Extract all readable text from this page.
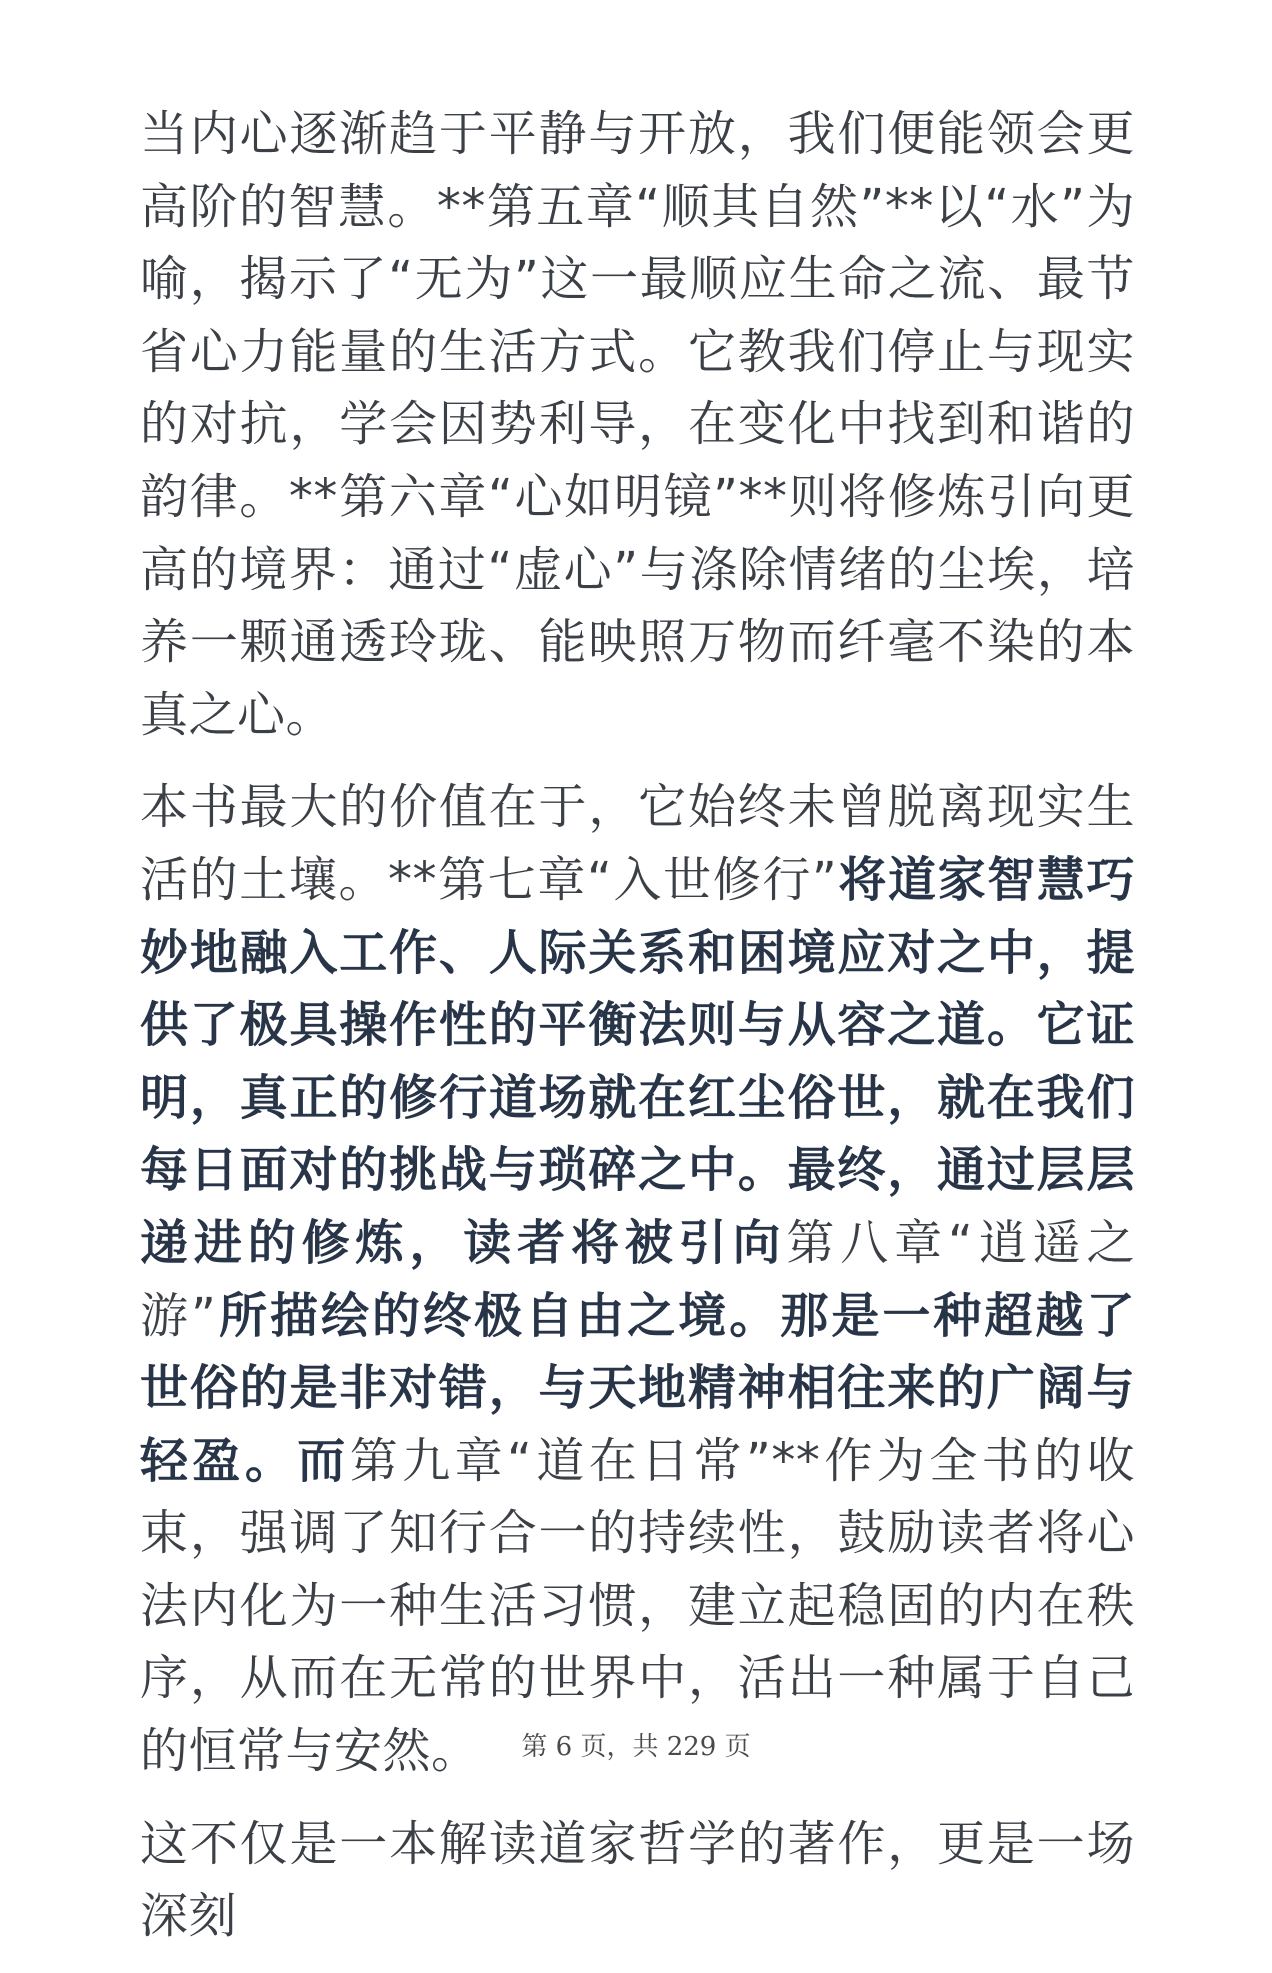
当内心逐渐趋于平静与开放，我们便能领会更高阶的智慧。**第五章“顺其自然”**以“水”为喻，揭示了“无为”这一最顺应生命之流、最节省心力能量的生活方式。它教我们停止与现实的对抗，学会因势利导，在变化中找到和谐的韵律。**第六章“心如明镜”**则将修炼引向更高的境界：通过“虚心”与涤除情绪的尘埃，培养一颗通透玲珑、能映照万物而纤毫不染的本真之心。

本书最大的价值在于，它始终未曾脱离现实生活的土壤。**第七章“入世修行”将道家智慧巧妙地融入工作、人际关系和困境应对之中，提供了极具操作性的平衡法则与从容之道。它证明，真正的修行道场就在红尘俗世，就在我们每日面对的挑战与琐碎之中。最终，通过层层递进的修炼，读者将被引向第八章“逍遥之游”所描绘的终极自由之境。那是一种超越了世俗的是非对错，与天地精神相往来的广阔与轻盈。而第九章“道在日常”**作为全书的收束，强调了知行合一的持续性，鼓励读者将心法内化为一种生活习惯，建立起稳固的内在秩序，从而在无常的世界中，活出一种属于自己的恒常与安然。

这不仅是一本解读道家哲学的著作，更是一场深刻

第 6 页，共 229 页
